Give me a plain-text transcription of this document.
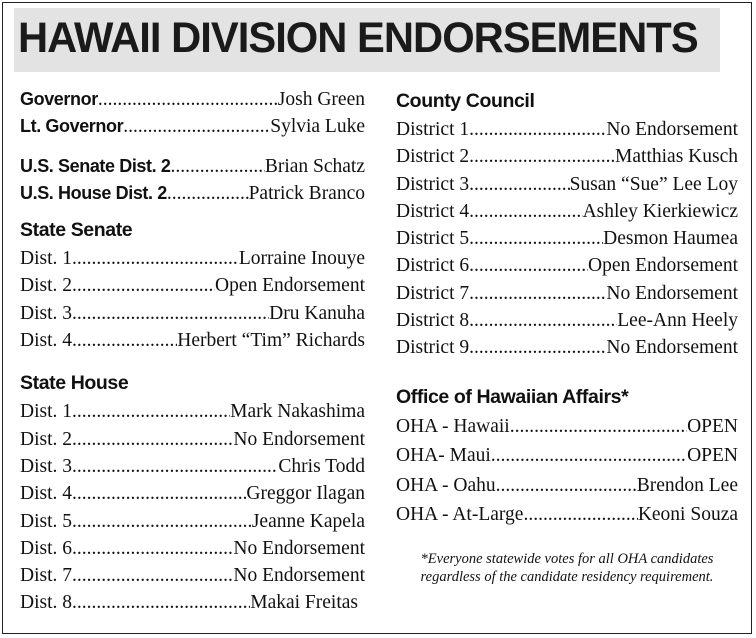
HAWAII DIVISION ENDORSEMENTS
Governor .....	Josh Green
Lt. Governor .....	Sylvia Luke
U.S. Senate Dist. 2 .....	Brian Schatz
U.S. House Dist. 2 .....	Patrick Branco
State Senate
Dist. 1 .....	Lorraine Inouye
Dist. 2 .....	Open Endorsement
Dist. 3 .....	Dru Kanuha
Dist. 4 .....	Herbert “Tim” Richards
State House
Dist. 1 .....	Mark Nakashima
Dist. 2 .....	No Endorsement
Dist. 3 .....	Chris Todd
Dist. 4 .....	Greggor Ilagan
Dist. 5 .....	Jeanne Kapela
Dist. 6 .....	No Endorsement
Dist. 7 .....	No Endorsement
Dist. 8 .....	Makai Freitas
County Council
District 1 .....	No Endorsement
District 2 .....	Matthias Kusch
District 3 .....	Susan “Sue” Lee Loy
District 4 .....	Ashley Kierkiewicz
District 5 .....	Desmon Haumea
District 6 .....	Open Endorsement
District 7 .....	No Endorsement
District 8 .....	Lee-Ann Heely
District 9 .....	No Endorsement
Office of Hawaiian Affairs*
OHA - Hawaii .....	OPEN
OHA- Maui .....	OPEN
OHA - Oahu .....	Brendon Lee
OHA - At-Large .....	Keoni Souza
*Everyone statewide votes for all OHA candidates
regardless of the candidate residency requirement.
